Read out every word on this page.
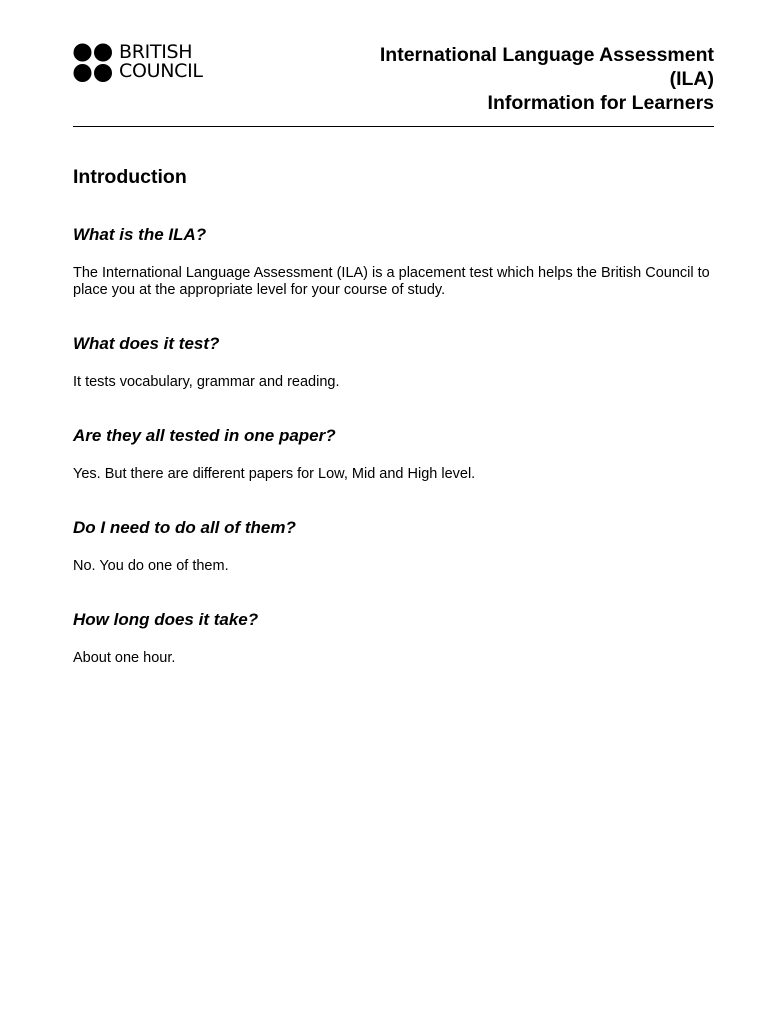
BRITISH
COUNCIL
International Language Assessment
(ILA)
Information for Learners
Introduction
What is the ILA?
The International Language Assessment (ILA) is a placement test which helps the British Council to place you at the appropriate level for your course of study.
What does it test?
It tests vocabulary, grammar and reading.
Are they all tested in one paper?
Yes. But there are different papers for Low, Mid and High level.
Do I need to do all of them?
No. You do one of them.
How long does it take?
About one hour.
